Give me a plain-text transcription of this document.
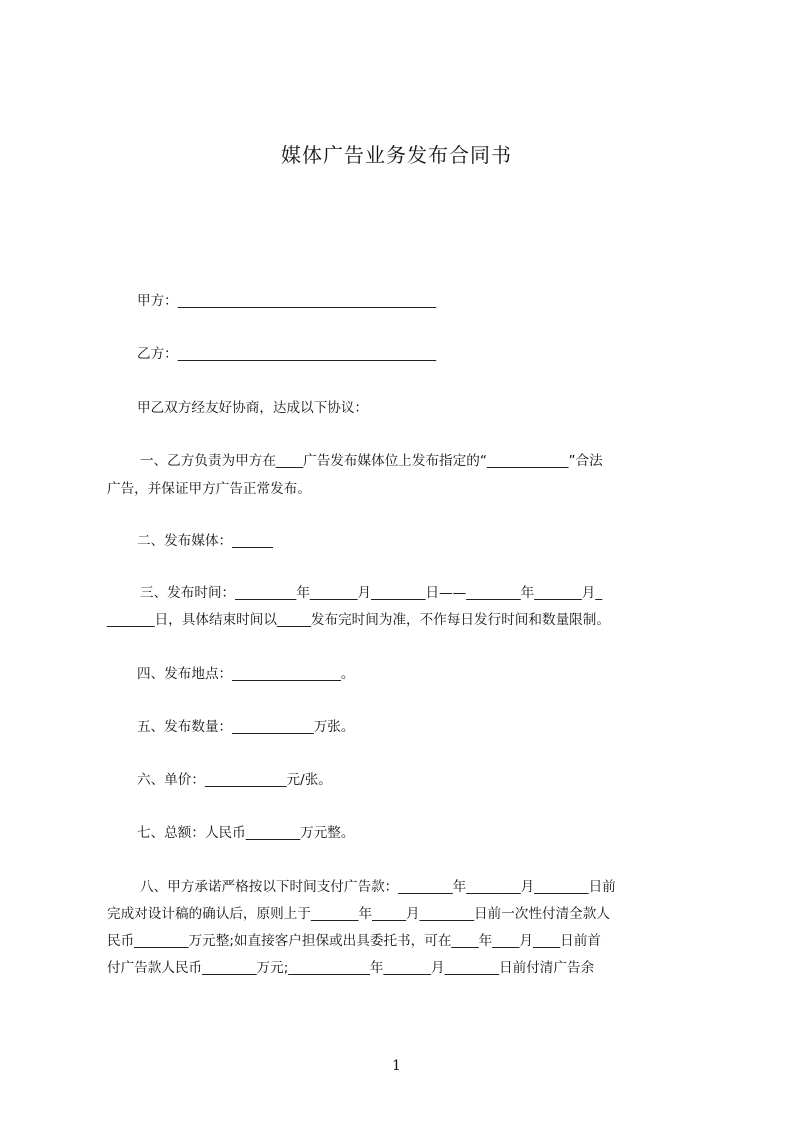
媒体广告业务发布合同书
甲方：______________________________________
乙方：______________________________________
甲乙双方经友好协商，达成以下协议：
一、乙方负责为甲方在____广告发布媒体位上发布指定的“____________”合法
广告，并保证甲方广告正常发布。
二、发布媒体：______
三、发布时间：_________年_______月________日——________年_______月_
_______日，具体结束时间以_____发布完时间为准，不作每日发行时间和数量限制。
四、发布地点：________________。
五、发布数量：____________万张。
六、单价：____________元/张。
七、总额：人民币________万元整。
八、甲方承诺严格按以下时间支付广告款：________年________月________日前
完成对设计稿的确认后，原则上于_______年_____月________日前一次性付清全款人
民币________万元整;如直接客户担保或出具委托书，可在____年____月____日前首
付广告款人民币________万元;____________年_______月________日前付清广告余
1
